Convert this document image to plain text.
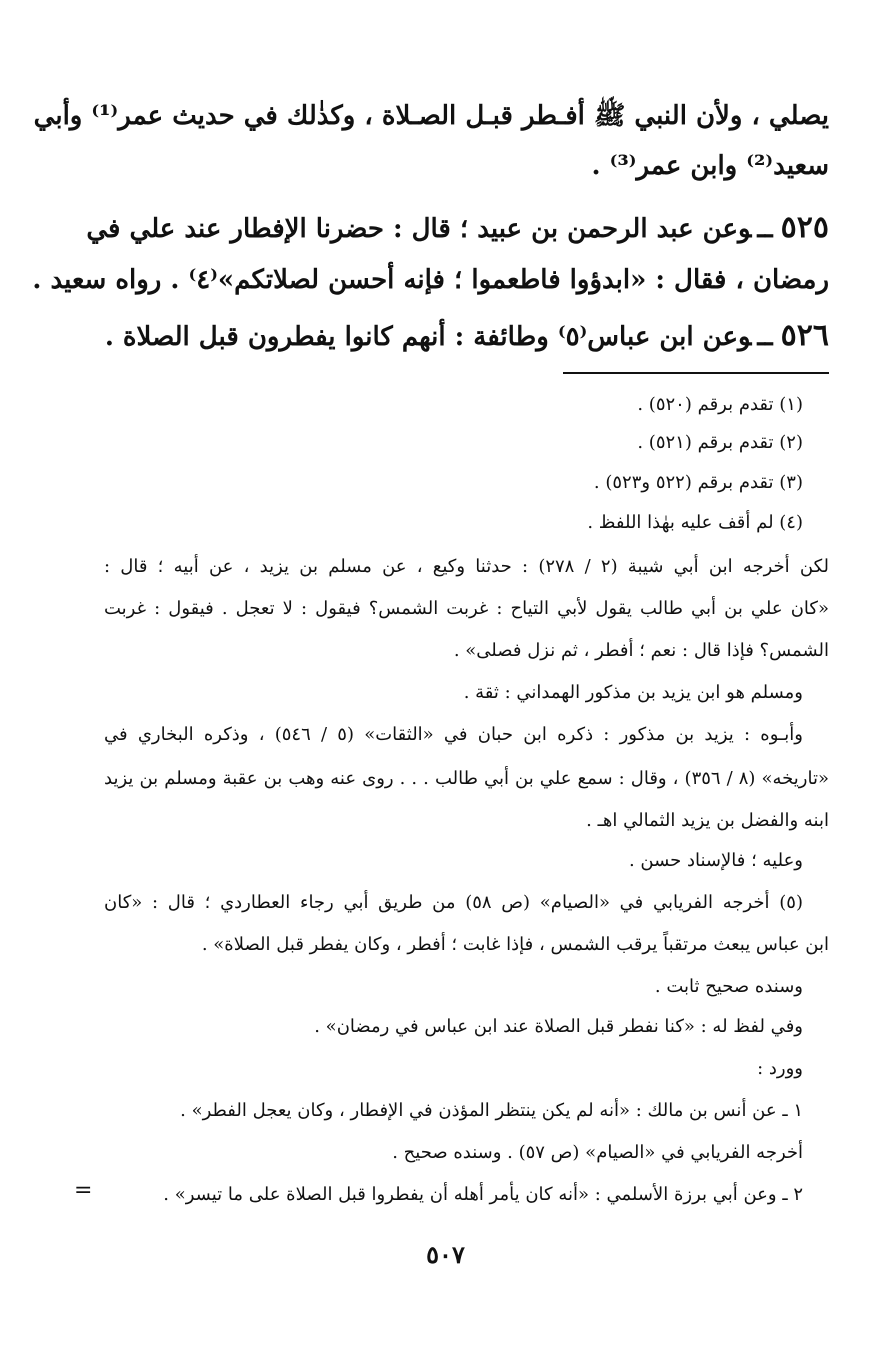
يصلي ، ولأن النبي ﷺ أفـطر قبـل الصـلاة ، وكذٰلك في حديث عمر⁽¹⁾ وأبي
سعيد⁽²⁾ وابن عمر⁽³⁾ .
٥٢٥ــوعن عبد الرحمن بن عبيد ؛ قال : حضرنا الإفطار عند علي في
رمضان ، فقال : «ابدؤوا فاطعموا ؛ فإنه أحسن لصلاتكم»⁽٤⁾ . رواه سعيد .
٥٢٦ــوعن ابن عباس⁽٥⁾ وطائفة : أنهم كانوا يفطرون قبل الصلاة .
(١) تقدم برقم (٥٢٠) .
(٢) تقدم برقم (٥٢١) .
(٣) تقدم برقم (٥٢٢ و٥٢٣) .
(٤) لم أقف عليه بهٰذا اللفظ .
لكن أخرجه ابن أبي شيبة (٢ / ٢٧٨) : حدثنا وكيع ، عن مسلم بن يزيد ، عن أبيه ؛ قال :
«كان علي بن أبي طالب يقول لأبي التياح : غربت الشمس؟ فيقول : لا تعجل . فيقول : غربت
الشمس؟ فإذا قال : نعم ؛ أفطر ، ثم نزل فصلى» .
ومسلم هو ابن يزيد بن مذكور الهمداني : ثقة .
وأبـوه : يزيد بن مذكور : ذكره ابن حبان في «الثقات» (٥ / ٥٤٦) ، وذكره البخاري في
«تاريخه» (٨ / ٣٥٦) ، وقال : سمع علي بن أبي طالب . . . روى عنه وهب بن عقبة ومسلم بن يزيد
ابنه والفضل بن يزيد الثمالي اهـ .
وعليه ؛ فالإسناد حسن .
(٥) أخرجه الفريابي في «الصيام» (ص ٥٨) من طريق أبي رجاء العطاردي ؛ قال : «كان
ابن عباس يبعث مرتقباً يرقب الشمس ، فإذا غابت ؛ أفطر ، وكان يفطر قبل الصلاة» .
وسنده صحيح ثابت .
وفي لفظ له : «كنا نفطر قبل الصلاة عند ابن عباس في رمضان» .
وورد :
١ ـ عن أنس بن مالك : «أنه لم يكن ينتظر المؤذن في الإفطار ، وكان يعجل الفطر» .
أخرجه الفريابي في «الصيام» (ص ٥٧) . وسنده صحيح .
٢ ـ وعن أبي برزة الأسلمي : «أنه كان يأمر أهله أن يفطروا قبل الصلاة على ما تيسر» .
=
٥٠٧
